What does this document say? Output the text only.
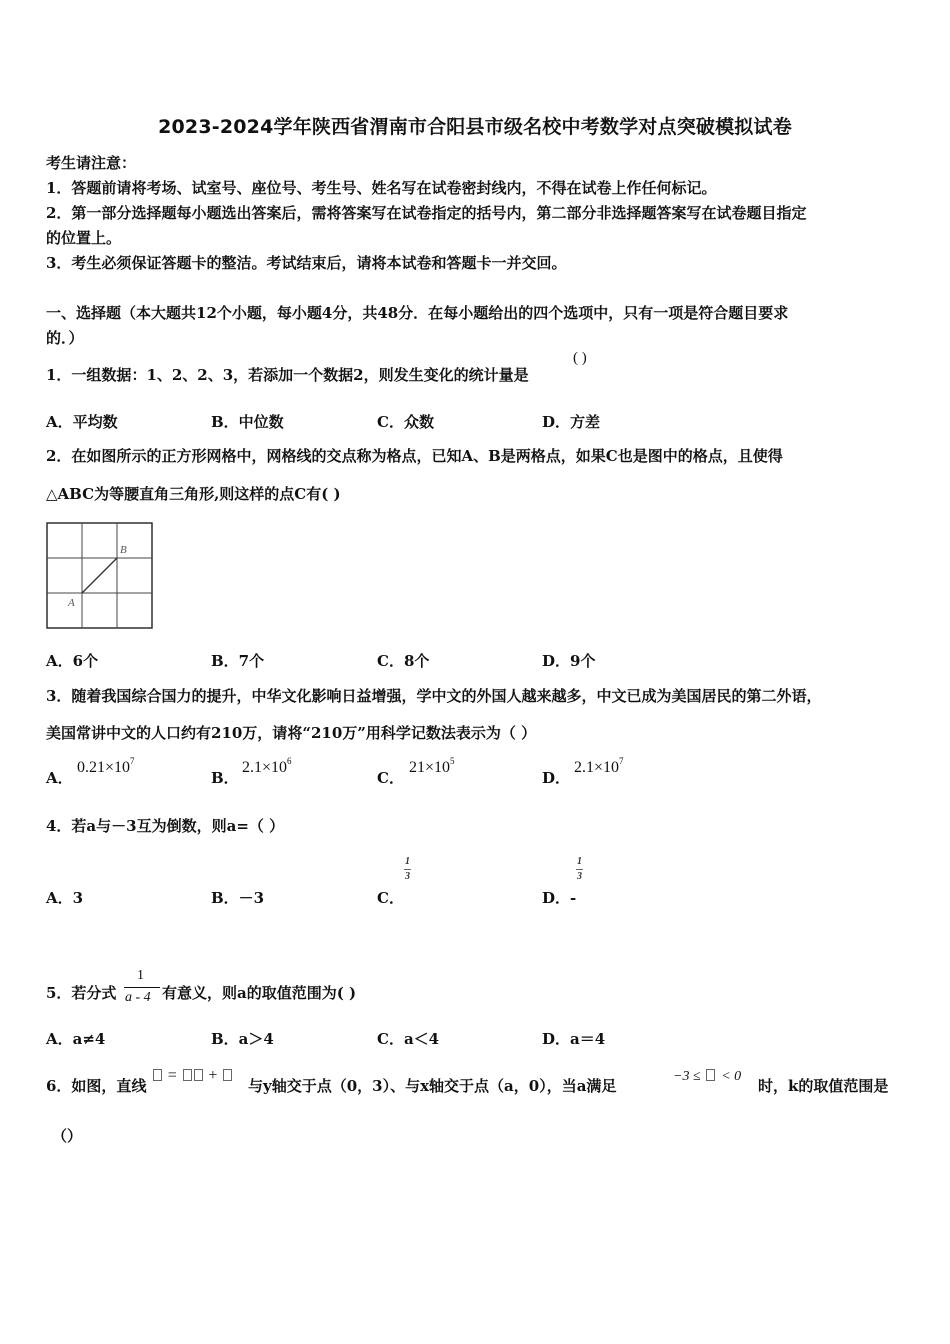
2023-2024学年陕西省渭南市合阳县市级名校中考数学对点突破模拟试卷
考生请注意：
1．答题前请将考场、试室号、座位号、考生号、姓名写在试卷密封线内，不得在试卷上作任何标记。
2．第一部分选择题每小题选出答案后，需将答案写在试卷指定的括号内，第二部分非选择题答案写在试卷题目指定
的位置上。
3．考生必须保证答题卡的整洁。考试结束后，请将本试卷和答题卡一并交回。
一、选择题（本大题共12个小题，每小题4分，共48分．在每小题给出的四个选项中，只有一项是符合题目要求
的．）
1．一组数据：1、2、2、3，若添加一个数据2，则发生变化的统计量是
( )
A．平均数	B．中位数	C．众数	D．方差
2．在如图所示的正方形网格中，网格线的交点称为格点，已知A、B是两格点，如果C也是图中的格点，且使得
△ABC为等腰直角三角形,则这样的点C有( )
A
B
A．6个	B．7个	C．8个	D．9个
3．随着我国综合国力的提升，中华文化影响日益增强，学中文的外国人越来越多，中文已成为美国居民的第二外语，
美国常讲中文的人口约有210万，请将“210万”用科学记数法表示为（ ）
A．
$0.21\times 10^7$
B．
$2.1\times 10^6$
C．
$21\times 10^5$
D．
$2.1\times 10^7$
4．若a与－3互为倒数，则a=（ ）
A．3	B．－3	C．
1
3
D．-
1
3
5．若分式
1
a - 4 有意义，则a的取值范围为( )
A．a≠4	B．a＞4	C．a＜4	D．a＝4
6．如图，直线
= +
与y轴交于点（0，3）、与x轴交于点（a，0），当a满足
−3 ≤ < 0
时，k的取值范围是
（）
